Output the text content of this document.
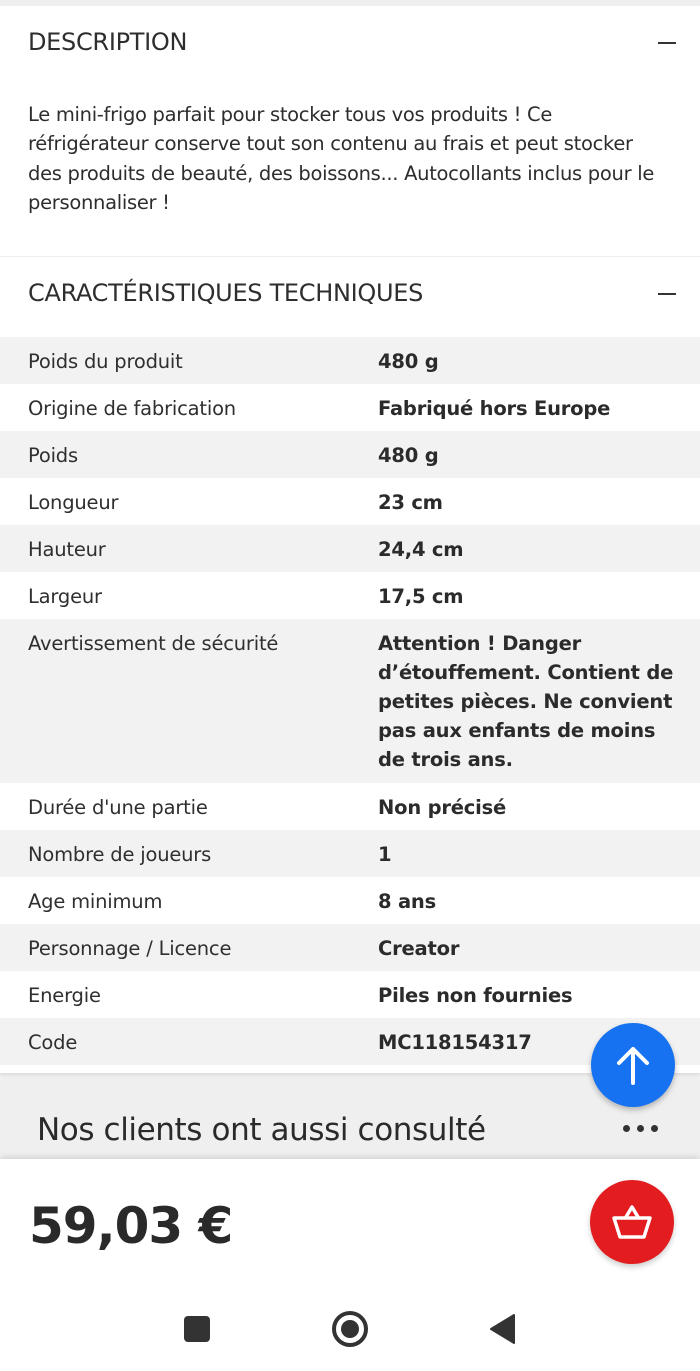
DESCRIPTION

Le mini-frigo parfait pour stocker tous vos produits ! Ce réfrigérateur conserve tout son contenu au frais et peut stocker des produits de beauté, des boissons... Autocollants inclus pour le personnaliser !

CARACTÉRISTIQUES TECHNIQUES
Poids du produit	480 g
Origine de fabrication	Fabriqué hors Europe
Poids	480 g
Longueur	23 cm
Hauteur	24,4 cm
Largeur	17,5 cm
Avertissement de sécurité	Attention ! Danger d’étouffement. Contient de petites pièces. Ne convient pas aux enfants de moins de trois ans.
Durée d'une partie	Non précisé
Nombre de joueurs	1
Age minimum	8 ans
Personnage / Licence	Creator
Energie	Piles non fournies
Code	MC118154317
Nos clients ont aussi consulté
59,03 €
